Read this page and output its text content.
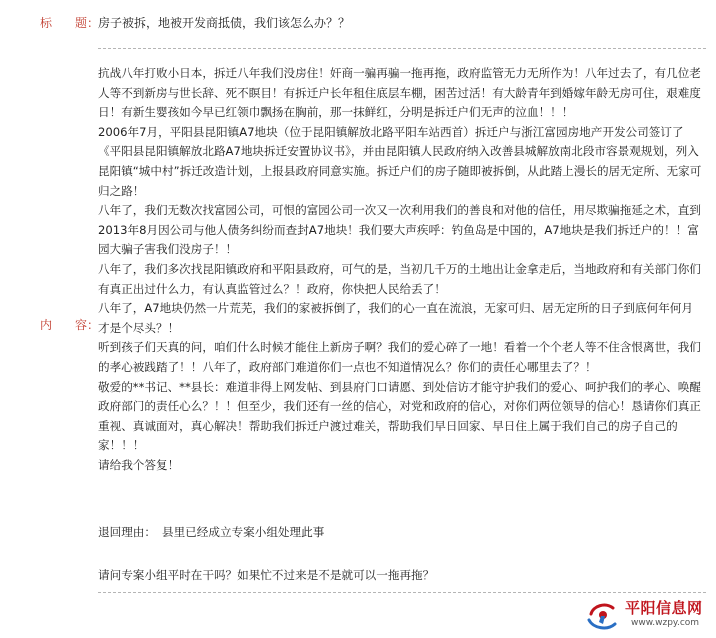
标 题：
房子被拆，地被开发商抵债，我们该怎么办？？
内 容：

抗战八年打败小日本，拆迁八年我们没房住！奸商一骗再骗一拖再拖，政府监管无力无所作为！八年过去了，有几位老人等不到新房与世长辞、死不瞑目！有拆迁户长年租住底层车棚，困苦过活！有大龄青年到婚嫁年龄无房可住，艰难度日！有新生婴孩如今早已红领巾飘扬在胸前，那一抹鲜红，分明是拆迁户们无声的泣血！！！

2006年7月，平阳县昆阳镇A7地块（位于昆阳镇解放北路平阳车站西首）拆迁户与浙江富园房地产开发公司签订了《平阳县昆阳镇解放北路A7地块拆迁安置协议书》，并由昆阳镇人民政府纳入改善县城解放南北段市容景观规划，列入昆阳镇“城中村”拆迁改造计划，上报县政府同意实施。拆迁户们的房子随即被拆倒，从此踏上漫长的居无定所、无家可归之路！

八年了，我们无数次找富园公司，可恨的富园公司一次又一次利用我们的善良和对他的信任，用尽欺骗拖延之术，直到2013年8月因公司与他人债务纠纷而查封A7地块！我们要大声疾呼：钓鱼岛是中国的，A7地块是我们拆迁户的！！富园大骗子害我们没房子！！

八年了，我们多次找昆阳镇政府和平阳县政府，可气的是，当初几千万的土地出让金拿走后，当地政府和有关部门你们有真正出过什么力，有认真监管过么？！政府，你快把人民给丢了！

八年了，A7地块仍然一片荒芜，我们的家被拆倒了，我们的心一直在流浪，无家可归、居无定所的日子到底何年何月才是个尽头？！

听到孩子们天真的问，咱们什么时候才能住上新房子啊？我们的爱心碎了一地！看着一个个老人等不住含恨离世，我们的孝心被践踏了！！八年了，政府部门难道你们一点也不知道情况么？你们的责任心哪里去了？！

敬爱的**书记、**县长：难道非得上网发帖、到县府门口请愿、到处信访才能守护我们的爱心、呵护我们的孝心、唤醒政府部门的责任心么？！！但至少，我们还有一丝的信心，对党和政府的信心，对你们两位领导的信心！恳请你们真正重视、真诚面对，真心解决！帮助我们拆迁户渡过难关，帮助我们早日回家、早日住上属于我们自己的房子自己的家！！！

请给我个答复！

退回理由： 县里已经成立专案小组处理此事
请问专案小组平时在干吗？如果忙不过来是不是就可以一拖再拖？
平阳信息网
www.wzpy.com
